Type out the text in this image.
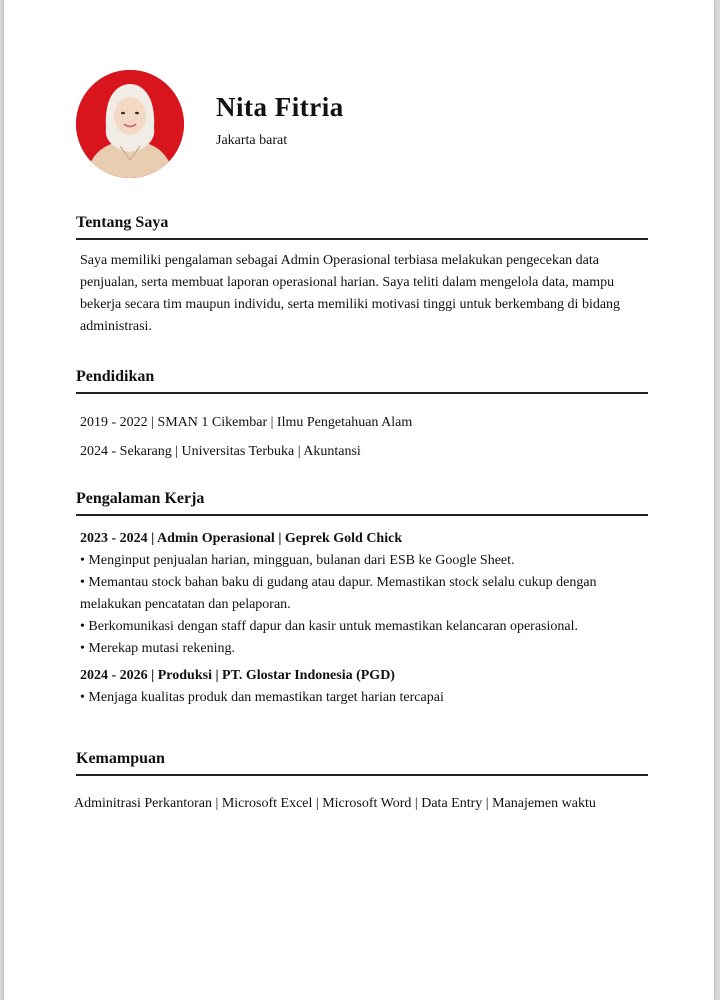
Nita Fitria

Jakarta barat

Tentang Saya

Saya memiliki pengalaman sebagai Admin Operasional terbiasa melakukan pengecekan data penjualan, serta membuat laporan operasional harian. Saya teliti dalam mengelola data, mampu bekerja secara tim maupun individu, serta memiliki motivasi tinggi untuk berkembang di bidang administrasi.

Pendidikan

2019 - 2022 | SMAN 1 Cikembar | Ilmu Pengetahuan Alam

2024 - Sekarang | Universitas Terbuka | Akuntansi

Pengalaman Kerja

2023 - 2024 | Admin Operasional | Geprek Gold Chick

• Menginput penjualan harian, mingguan, bulanan dari ESB ke Google Sheet.

• Memantau stock bahan baku di gudang atau dapur. Memastikan stock selalu cukup dengan melakukan pencatatan dan pelaporan.

• Berkomunikasi dengan staff dapur dan kasir untuk memastikan kelancaran operasional.

• Merekap mutasi rekening.

2024 - 2026 | Produksi | PT. Glostar Indonesia (PGD)

• Menjaga kualitas produk dan memastikan target harian tercapai

Kemampuan

Adminitrasi Perkantoran | Microsoft Excel | Microsoft Word | Data Entry | Manajemen waktu
